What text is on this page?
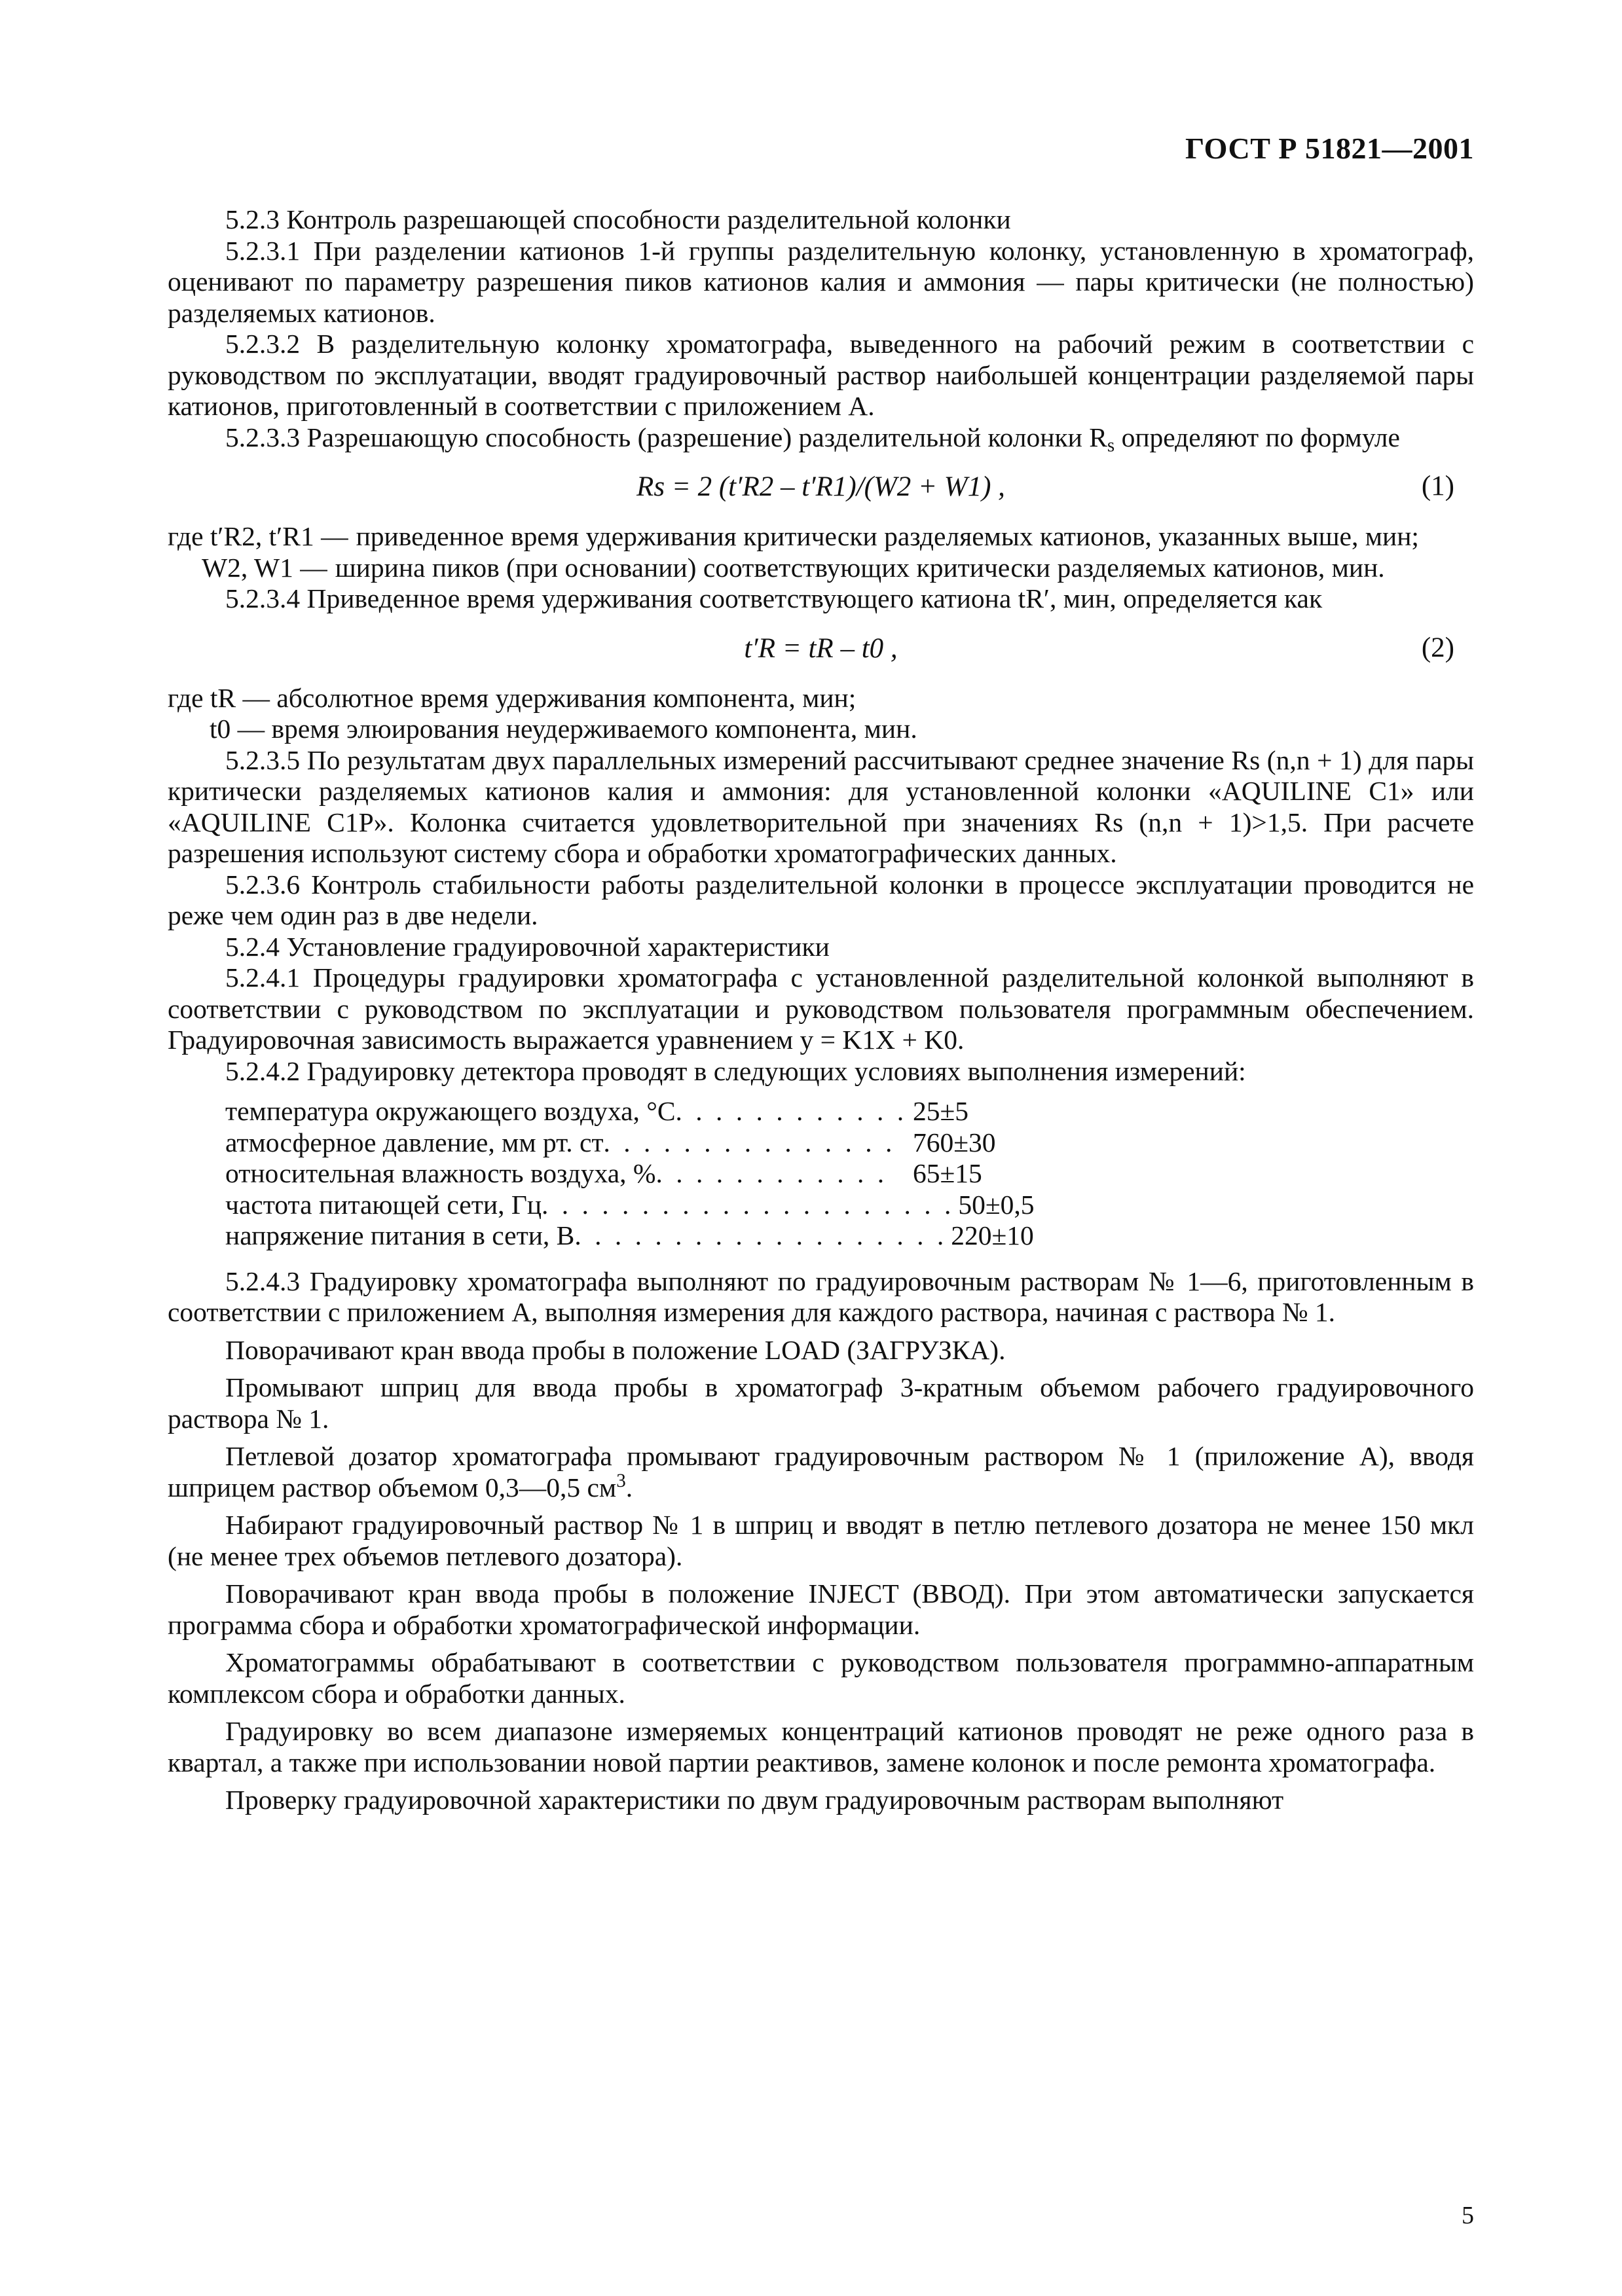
ГОСТ Р 51821—2001

5.2.3 Контроль разрешающей способности разделительной колонки

5.2.3.1 При разделении катионов 1-й группы разделительную колонку, установленную в хроматограф, оценивают по параметру разрешения пиков катионов калия и аммония — пары критически (не полностью) разделяемых катионов.

5.2.3.2 В разделительную колонку хроматографа, выведенного на рабочий режим в соответствии с руководством по эксплуатации, вводят градуировочный раствор наибольшей концентрации разделяемой пары катионов, приготовленный в соответствии с приложением А.

5.2.3.3 Разрешающую способность (разрешение) разделительной колонки $R_s$ определяют по формуле

Rs = 2 (t′R2 – t′R1)/(W2 + W1) ,	(1)
где t′R2, t′R1 — приведенное время удерживания критически разделяемых катионов, указанных выше, мин;
W2, W1 — ширина пиков (при основании) соответствующих критически разделяемых катионов, мин.

5.2.3.4 Приведенное время удерживания соответствующего катиона tR′, мин, определяется как

t′R = tR – t0 ,	(2)

где tR — абсолютное время удерживания компонента, мин;

t0 — время элюирования неудерживаемого компонента, мин.

5.2.3.5 По результатам двух параллельных измерений рассчитывают среднее значение Rs (n,n + 1) для пары критически разделяемых катионов калия и аммония: для установленной колонки «AQUILINE C1» или «AQUILINE C1P». Колонка считается удовлетворительной при значениях Rs (n,n + 1)>1,5. При расчете разрешения используют систему сбора и обработки хроматографических данных.

5.2.3.6 Контроль стабильности работы разделительной колонки в процессе эксплуатации проводится не реже чем один раз в две недели.

5.2.4 Установление градуировочной характеристики

5.2.4.1 Процедуры градуировки хроматографа с установленной разделительной колонкой выполняют в соответствии с руководством по эксплуатации и руководством пользователя программным обеспечением. Градуировочная зависимость выражается уравнением y = K1X + K0.

5.2.4.2 Градуировку детектора проводят в следующих условиях выполнения измерений:

температура окружающего воздуха, °С . . . . . . . . . . . . 25±5
атмосферное давление, мм рт. ст . . . . . . . . . . . . . . . 760±30
относительная влажность воздуха, % . . . . . . . . . . . . 65±15
частота питающей сети, Гц . . . . . . . . . . . . . . . . . . . . . 50±0,5
напряжение питания в сети, В . . . . . . . . . . . . . . . . . . . 220±10

5.2.4.3 Градуировку хроматографа выполняют по градуировочным растворам № 1—6, приготовленным в соответствии с приложением А, выполняя измерения для каждого раствора, начиная с раствора № 1.

Поворачивают кран ввода пробы в положение LOAD (ЗАГРУЗКА).

Промывают шприц для ввода пробы в хроматограф 3-кратным объемом рабочего градуировочного раствора № 1.

Петлевой дозатор хроматографа промывают градуировочным раствором № 1 (приложение А), вводя шприцем раствор объемом 0,3—0,5 $см^3$.

Набирают градуировочный раствор № 1 в шприц и вводят в петлю петлевого дозатора не менее 150 мкл (не менее трех объемов петлевого дозатора).

Поворачивают кран ввода пробы в положение INJECT (ВВОД). При этом автоматически запускается программа сбора и обработки хроматографической информации.

Хроматограммы обрабатывают в соответствии с руководством пользователя программно-аппаратным комплексом сбора и обработки данных.

Градуировку во всем диапазоне измеряемых концентраций катионов проводят не реже одного раза в квартал, а также при использовании новой партии реактивов, замене колонок и после ремонта хроматографа.

Проверку градуировочной характеристики по двум градуировочным растворам выполняют

5
